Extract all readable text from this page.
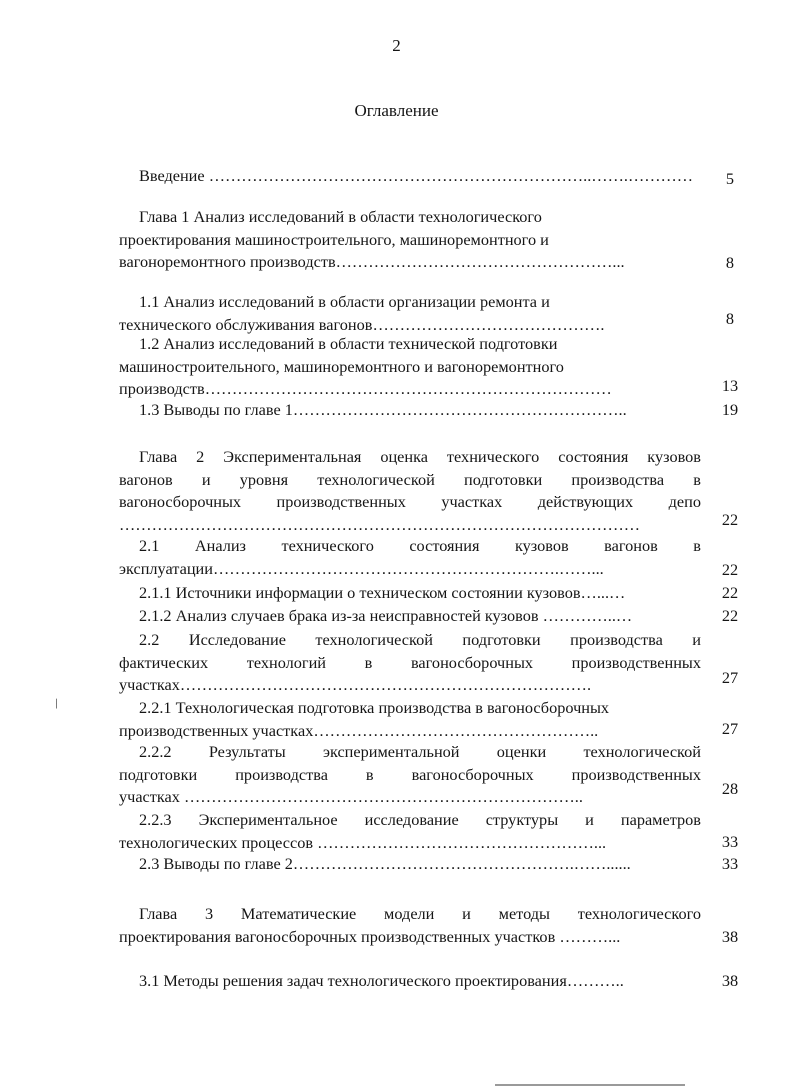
2
Оглавление
/
Введение ……………………………………………………………..…….…………	5
Глава 1 Анализ исследований в области технологического
проектирования машиностроительного, машиноремонтного и
вагоноремонтного производств……………………………………………...	8
1.1 Анализ исследований в области организации ремонта и
технического обслуживания вагонов…………………………………….	8
1.2 Анализ исследований в области технической подготовки
машиностроительного, машиноремонтного и вагоноремонтного
производств…………………………………………………………………	13
1.3 Выводы по главе 1……………………………………………………..	19
Глава 2 Экспериментальная оценка технического состояния кузовов
вагонов и уровня технологической подготовки производства в
вагоносборочных производственных участках действующих депо
……………………………………………………………………………………	22
2.1 Анализ технического состояния кузовов вагонов в
эксплуатации……………………………………………………….……...	22
2.1.1 Источники информации о техническом состоянии кузовов…...…	22
2.1.2 Анализ случаев брака из-за неисправностей кузовов …………..…	22
2.2 Исследование технологической подготовки производства и
фактических технологий в вагоносборочных производственных
участках………………………………………………………………….	27
2.2.1 Технологическая подготовка производства в вагоносборочных
производственных участках……………………………………………..	27
2.2.2 Результаты экспериментальной оценки технологической
подготовки производства в вагоносборочных производственных
участках ………………………………………………………………..	28
2.2.3 Экспериментальное исследование структуры и параметров
технологических процессов ……………………………………………...	33
2.3 Выводы по главе 2…………………………………………….……......	33
Глава 3 Математические модели и методы технологического
проектирования вагоносборочных производственных участков ………...	38
3.1 Методы решения задач технологического проектирования………..	38
